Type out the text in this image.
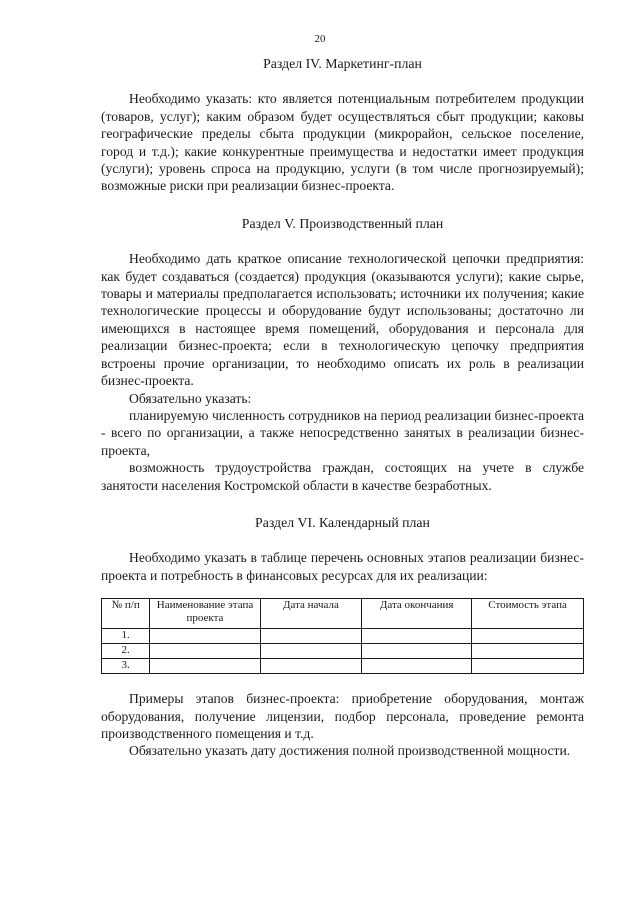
20
Раздел IV. Маркетинг-план

Необходимо указать: кто является потенциальным потребителем продукции (товаров, услуг); каким образом будет осуществляться сбыт продукции; каковы географические пределы сбыта продукции (микрорайон, сельское поселение, город и т.д.); какие конкурентные преимущества и недостатки имеет продукция (услуги); уровень спроса на продукцию, услуги (в том числе прогнозируемый); возможные риски при реализации бизнес-проекта.

Раздел V. Производственный план

Необходимо дать краткое описание технологической цепочки предприятия: как будет создаваться (создается) продукция (оказываются услуги); какие сырье, товары и материалы предполагается использовать; источники их получения; какие технологические процессы и оборудование будут использованы; достаточно ли имеющихся в настоящее время помещений, оборудования и персонала для реализации бизнес-проекта; если в технологическую цепочку предприятия встроены прочие организации, то необходимо описать их роль в реализации бизнес-проекта.

Обязательно указать:

планируемую численность сотрудников на период реализации бизнес-проекта - всего по организации, а также непосредственно занятых в реализации бизнес-проекта,

возможность трудоустройства граждан, состоящих на учете в службе занятости населения Костромской области в качестве безработных.

Раздел VI. Календарный план

Необходимо указать в таблице перечень основных этапов реализации бизнес-проекта и потребность в финансовых ресурсах для их реализации:

№ п/п	Наименование этапа проекта	Дата начала	Дата окончания	Стоимость этапа
1.				
2.				
3.				

Примеры этапов бизнес-проекта: приобретение оборудования, монтаж оборудования, получение лицензии, подбор персонала, проведение ремонта производственного помещения и т.д.

Обязательно указать дату достижения полной производственной мощности.
